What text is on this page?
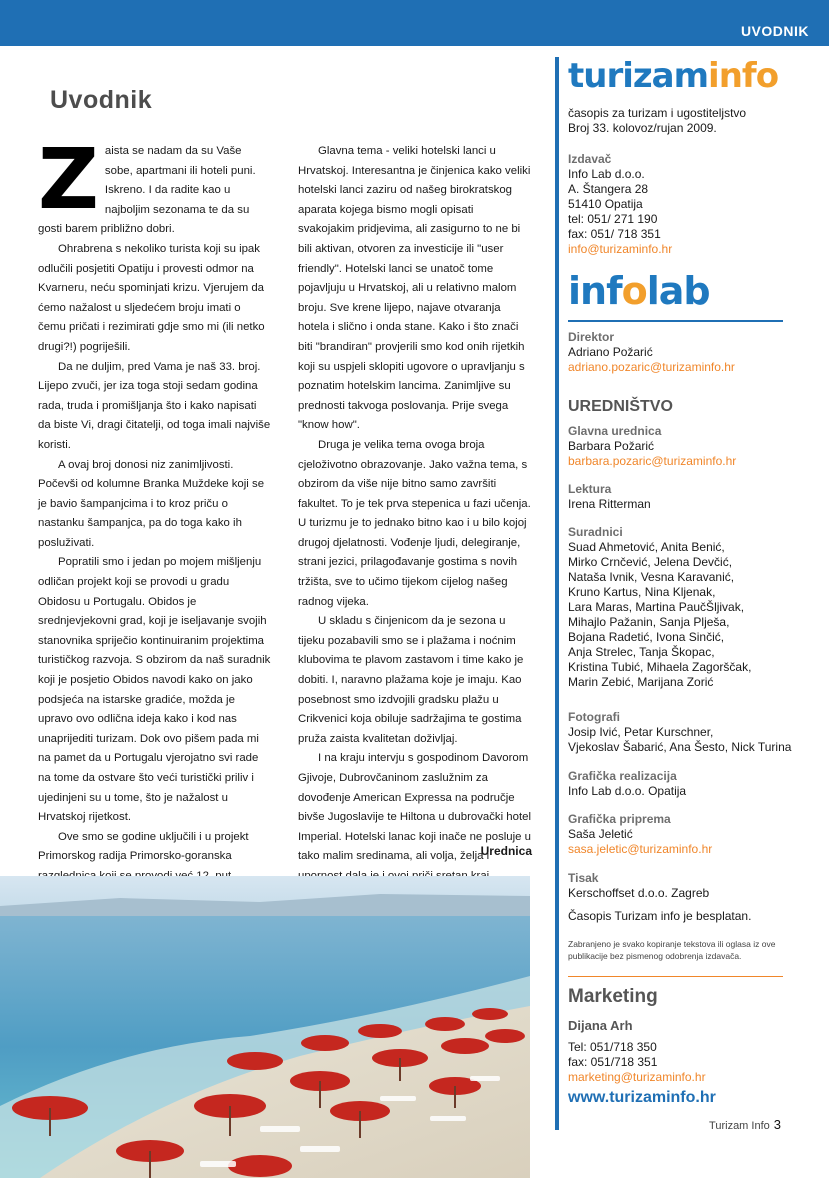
UVODNIK
Uvodnik

Zaista se nadam da su Vaše sobe, apartmani ili hoteli puni. Iskreno. I da radite kao u najboljim sezonama te da su gosti barem približno dobri.

Ohrabrena s nekoliko turista koji su ipak odlučili posjetiti Opatiju i provesti odmor na Kvarneru, neću spominjati krizu. Vjerujem da ćemo nažalost u sljedećem broju imati o čemu pričati i rezimirati gdje smo mi (ili netko drugi?!) pogriješili.

Da ne duljim, pred Vama je naš 33. broj. Lijepo zvuči, jer iza toga stoji sedam godina rada, truda i promišljanja što i kako napisati da biste Vi, dragi čitatelji, od toga imali najviše koristi.

A ovaj broj donosi niz zanimljivosti. Počevši od kolumne Branka Muždeke koji se je bavio šampanjcima i to kroz priču o nastanku šampanjca, pa do toga kako ih posluživati.

Popratili smo i jedan po mojem mišljenju odličan projekt koji se provodi u gradu Obidosu u Portugalu. Obidos je srednjevjekovni grad, koji je iseljavanje svojih stanovnika spriječio kontinuiranim projektima turističkog razvoja. S obzirom da naš suradnik koji je posjetio Obidos navodi kako on jako podsjeća na istarske gradiće, možda je upravo ovo odlična ideja kako i kod nas unaprijediti turizam. Dok ovo pišem pada mi na pamet da u Portugalu vjerojatno svi rade na tome da ostvare što veći turistički priliv i ujedinjeni su u tome, što je nažalost u Hrvatskoj rijetkost.

Ove smo se godine uključili i u projekt Primorskog radija Primorsko-goranska

Glavna tema - veliki hotelski lanci u Hrvatskoj. Interesantna je činjenica kako veliki hotelski lanci zaziru od našeg birokratskog aparata kojega bismo mogli opisati svakojakim pridjevima, ali zasigurno to ne bi bili aktivan, otvoren za investicije ili "user friendly". Hotelski lanci se unatoč tome pojavljuju u Hrvatskoj, ali u relativno malom broju. Sve krene lijepo, najave otvaranja hotela i slično i onda stane. Kako i što znači biti "brandiran" provjerili smo kod onih rijetkih koji su uspjeli sklopiti ugovore o upravljanju s poznatim hotelskim lancima. Zanimljive su prednosti takvoga poslovanja. Prije svega "know how".

Druga je velika tema ovoga broja cjeloživotno obrazovanje. Jako važna tema, s obzirom da više nije bitno samo završiti fakultet. To je tek prva stepenica u fazi učenja. U turizmu je to jednako bitno kao i u bilo kojoj drugoj djelatnosti. Vođenje ljudi, delegiranje, strani jezici, prilagođavanje gostima s novih tržišta, sve to učimo tijekom cijelog našeg radnog vijeka.

U skladu s činjenicom da je sezona u tijeku pozabavili smo se i plažama i noćnim klubovima te plavom zastavom i time kako je dobiti. I, naravno plažama koje je imaju. Kao posebnost smo izdvojili gradsku plažu u Crikvenici koja obiluje sadržajima te gostima pruža zaista kvalitetan doživljaj.

I na kraju intervju s gospodinom Davorom Gjivoje, Dubrovčaninom zaslužnim za dovođenje American Expressa na područje bivše Jugoslavije te Hiltona u dubrovački hotel Imperial. Hotelski lanac koji inače ne posluje u tako malim sredinama, ali volja, želja i

Urednica
turizaminfo
časopis za turizam i ugostiteljstvo
Broj 33. kolovoz/rujan 2009.
Izdavač
Info Lab d.o.o.
A. Štangera 28
51410 Opatija
tel: 051/ 271 190
fax: 051/ 718 351
info@turizaminfo.hr
infolab
Direktor
Adriano Požarić
adriano.pozaric@turizaminfo.hr
UREDNIŠTVO
Glavna urednica
Barbara Požarić
barbara.pozaric@turizaminfo.hr
Lektura
Irena Ritterman
Suradnici
Suad Ahmetović, Anita Benić,
Mirko Crnčević, Jelena Devčić,
Nataša Ivnik, Vesna Karavanić,
Kruno Kartus, Nina Kljenak,
Lara Maras, Martina PaučŠljivak,
Mihajlo Pažanin, Sanja Plješa,
Bojana Radetić, Ivona Sinčić,
Anja Strelec, Tanja Škopac,
Kristina Tubić, Mihaela Zagorščak,
Marin Zebić, Marijana Zorić
Fotografi
Josip Ivić, Petar Kurschner,
Vjekoslav Šabarić, Ana Šesto, Nick Turina
Grafička realizacija
Info Lab d.o.o. Opatija
Grafička priprema
Saša Jeletić
sasa.jeletic@turizaminfo.hr
Tisak
Kerschoffset d.o.o. Zagreb
Časopis Turizam info je besplatan.
Zabranjeno je svako kopiranje tekstova ili oglasa iz ove publikacije bez pismenog odobrenja izdavača.
Marketing
Dijana Arh
Tel: 051/718 350
fax: 051/718 351
marketing@turizaminfo.hr
www.turizaminfo.hr
Turizam Info 3
